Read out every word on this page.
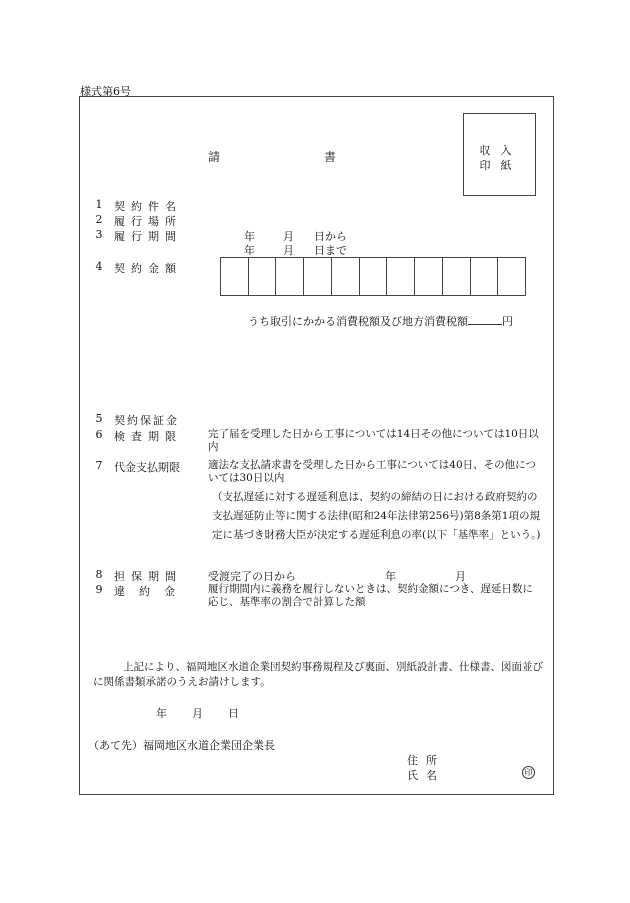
様式第6号
収入
印紙
請	書
1 契約件名
2 履行場所
3 履行期間	年	月 日から
年	月 日まで
4 契約金額
うち取引にかかる消費税額及び地方消費税額	円
5 契約保証金
6 検査期限 完了届を受理した日から工事については14日その他については10日以内
7 代金支払期限	適法な支払請求書を受理した日から工事については40日、その他については30日以内
（支払遅延に対する遅延利息は、契約の締結の日における政府契約の支払遅延防止等に関する法律(昭和24年法律第256号)第8条第1項の規定に基づき財務大臣が決定する遅延利息の率(以下「基準率」という。)
8 担保期間 受渡完了の日から	年	月
9 違約金 履行期間内に義務を履行しないときは、契約金額につき、遅延日数に応じ、基準率の割合で計算した額
上記により、福岡地区水道企業団契約事務規程及び裏面、別紙設計書、仕様書、図面並びに関係書類承諾のうえお請けします。
年 月 日
（あて先）福岡地区水道企業団企業長
住所
氏名	印
